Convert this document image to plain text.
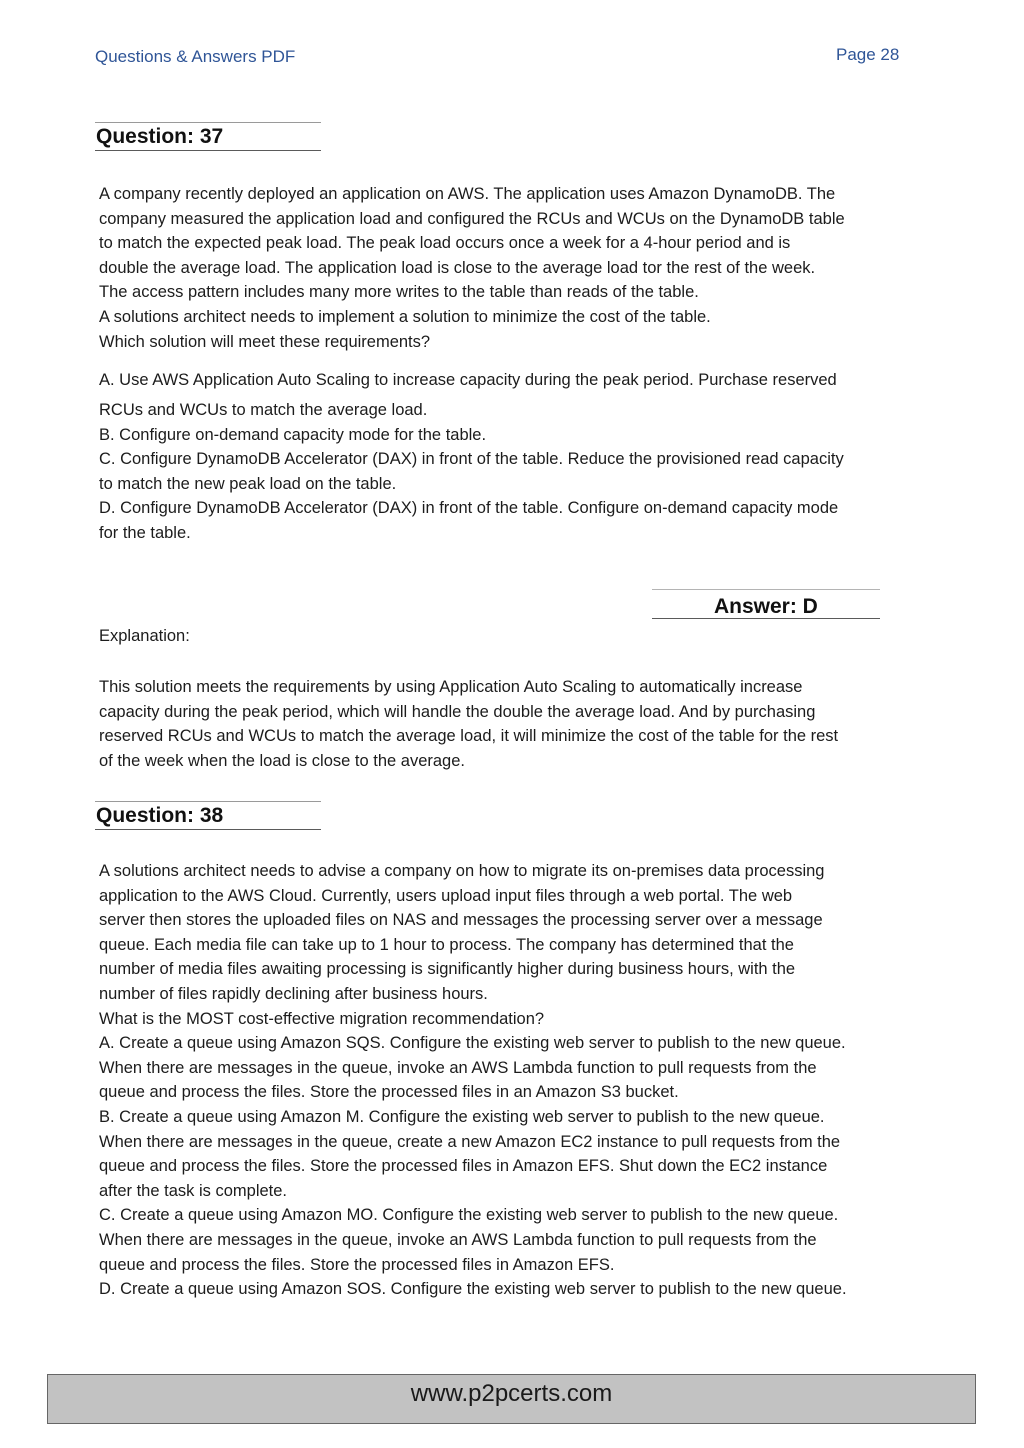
Questions & Answers PDF	Page 28
Question: 37
A company recently deployed an application on AWS. The application uses Amazon DynamoDB. The
company measured the application load and configured the RCUs and WCUs on the DynamoDB table
to match the expected peak load. The peak load occurs once a week for a 4-hour period and is
double the average load. The application load is close to the average load tor the rest of the week.
The access pattern includes many more writes to the table than reads of the table.
A solutions architect needs to implement a solution to minimize the cost of the table.
Which solution will meet these requirements?
A. Use AWS Application Auto Scaling to increase capacity during the peak period. Purchase reserved
RCUs and WCUs to match the average load.
B. Configure on-demand capacity mode for the table.
C. Configure DynamoDB Accelerator (DAX) in front of the table. Reduce the provisioned read capacity
to match the new peak load on the table.
D. Configure DynamoDB Accelerator (DAX) in front of the table. Configure on-demand capacity mode
for the table.
Answer: D
Explanation:
This solution meets the requirements by using Application Auto Scaling to automatically increase
capacity during the peak period, which will handle the double the average load. And by purchasing
reserved RCUs and WCUs to match the average load, it will minimize the cost of the table for the rest
of the week when the load is close to the average.
Question: 38
A solutions architect needs to advise a company on how to migrate its on-premises data processing
application to the AWS Cloud. Currently, users upload input files through a web portal. The web
server then stores the uploaded files on NAS and messages the processing server over a message
queue. Each media file can take up to 1 hour to process. The company has determined that the
number of media files awaiting processing is significantly higher during business hours, with the
number of files rapidly declining after business hours.
What is the MOST cost-effective migration recommendation?
A. Create a queue using Amazon SQS. Configure the existing web server to publish to the new queue.
When there are messages in the queue, invoke an AWS Lambda function to pull requests from the
queue and process the files. Store the processed files in an Amazon S3 bucket.
B. Create a queue using Amazon M. Configure the existing web server to publish to the new queue.
When there are messages in the queue, create a new Amazon EC2 instance to pull requests from the
queue and process the files. Store the processed files in Amazon EFS. Shut down the EC2 instance
after the task is complete.
C. Create a queue using Amazon MO. Configure the existing web server to publish to the new queue.
When there are messages in the queue, invoke an AWS Lambda function to pull requests from the
queue and process the files. Store the processed files in Amazon EFS.
D. Create a queue using Amazon SOS. Configure the existing web server to publish to the new queue.
www.p2pcerts.com
